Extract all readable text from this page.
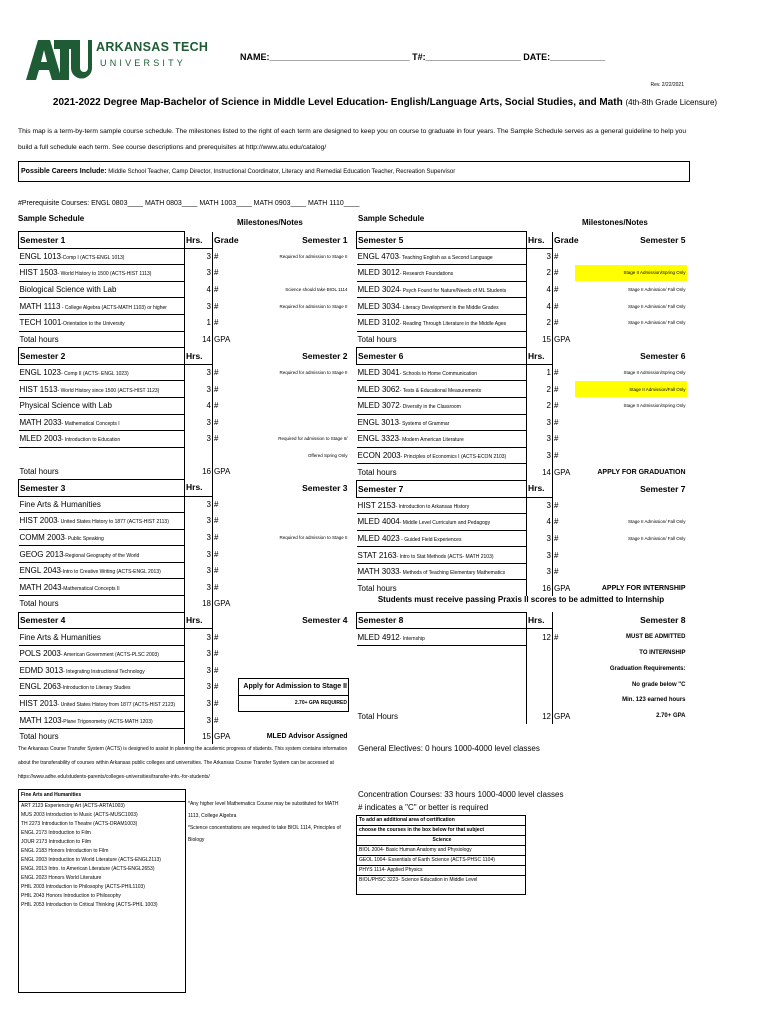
ARKANSAS TECH
UNIVERSITY
NAME:____________________________ T#:___________________ DATE:___________
Rev. 2/22/2021
2021-2022 Degree Map-Bachelor of Science in Middle Level Education- English/Language Arts, Social Studies, and Math (4th-8th Grade Licensure)
This map is a term-by-term sample course schedule. The milestones listed to the right of each term are designed to keep you on course to graduate in four years. The Sample Schedule serves as a general guideline to help you build a full schedule each term. See course descriptions and prerequisites at http://www.atu.edu/catalog/
Possible Careers Include: Middle School Teacher, Camp Director, Instructional Coordinator, Literacy and Remedial Education Teacher, Recreation Supervisor
#Prerequisite Courses: ENGL 0803____ MATH 0803____ MATH 1003____ MATH 0903____ MATH 1110____
Sample Schedule	Milestones/Notes
Semester 1	Hrs.	Grade	Semester 1
ENGL 1013-Comp I (ACTS-ENGL 1013)	3	#	Required for admission to Stage II
HIST 1503- World History to 1500 (ACTS-HIST 1113)	3	#	
Biological Science with Lab	4	#	Science should take BIOL 1114
MATH 1113 - College Algebra (ACTS-MATH 1103) or higher	3	#	Required for admission to Stage II
TECH 1001-Orientation to the University	1	#	
Total hours	14	GPA	
Semester 2	Hrs.		Semester 2
ENGL 1023- Comp II (ACTS- ENGL 1023)	3	#	Required for admission to Stage II
HIST 1513- World History since 1500 (ACTS-HIST 1123)	3	#	
Physical Science with Lab	4	#	
MATH 2033- Mathematical Concepts I	3	#	
MLED 2003- Introduction to Education	3	#	Required for admission to Stage II/
			Offered Spring Only
Total hours	16	GPA	
Semester 3	Hrs.		Semester 3
Fine Arts & Humanities	3	#	
HIST 2003- United States History to 1877 (ACTS-HIST 2113)	3	#	
COMM 2003- Public Speaking	3	#	Required for admission to Stage II
GEOG 2013-Regional Geography of the World	3	#	
ENGL 2043-Intro to Creative Writing (ACTS-ENGL 2013)	3	#	
MATH 2043-Mathematical Concepts II	3	#	
Total hours	18	GPA	
Semester 4	Hrs.		Semester 4
Fine Arts & Humanities	3	#	
POLS 2003- American Government (ACTS-PLSC 2003)	3	#	
EDMD 3013- Integrating Instructional Technology	3	#	
ENGL 2063-Introduction to Literary Studies	3	#	Apply for Admission to Stage II
HIST 2013- United States History from 1877 (ACTS-HIST 2123)	3	#	2.70+ GPA REQUIRED
MATH 1203-Plane Trigonometry (ACTS-MATH 1203)	3	#	
Total hours	15	GPA	MLED Advisor Assigned
Sample Schedule	Milestones/Notes
Semester 5	Hrs.	Grade	Semester 5
ENGL 4703- Teaching English as a Second Language	3	#	
MLED 3012- Research Foundations	2	#	Stage II Admission/Spring Only
MLED 3024- Psych Found for Nature/Needs of ML Students	4	#	Stage II Admission/ Fall Only
MLED 3034- Literacy Development in the Middle Grades	4	#	Stage II Admission/ Fall Only
MLED 3102- Reading Through Literature in the Middle Ages	2	#	Stage II Admission/ Fall Only
Total hours	15	GPA	
Semester 6	Hrs.		Semester 6
MLED 3041- Schools to Home Communication	1	#	Stage II Admission/Spring Only
MLED 3062- Tests & Educational Measurements	2	#	Stage II Admission/Fall Only
MLED 3072- Diversity in the Classroom	2	#	Stage II Admission/Spring Only
ENGL 3013- Systems of Grammar	3	#	
ENGL 3323- Modern American Literature	3	#	
ECON 2003- Principles of Economics I (ACTS-ECON 2103)	3	#	
Total hours	14	GPA	APPLY FOR GRADUATION
Semester 7	Hrs.		Semester 7
HIST 2153- Introduction to Arkansas History	3	#	
MLED 4004- Middle Level Curriculum and Pedagogy	4	#	Stage II Admission/ Fall Only
MLED 4023 - Guided Field Experiences	3	#	Stage II Admission/ Fall Only
STAT 2163- Intro to Stat Methods (ACTS- MATH 2103)	3	#	
MATH 3033- Methods of Teaching Elementary Mathematics	3	#	
Total hours	16	GPA	APPLY FOR INTERNSHIP

Semester 8	Hrs.		Semester 8
MLED 4912- Internship	12	#	MUST BE ADMITTED
			TO INTERNSHIP
			Graduation Requirements:
			No grade below "C
			Min. 123 earned hours
Total Hours	12	GPA	2.70+ GPA
Students must receive passing Praxis II scores to be admitted to Internship
The Arkansas Course Transfer System (ACTS) is designed to assist in planning the academic progress of students. This system contains information about the transferability of courses within Arkansas public colleges and universities. The Arkansas Course Transfer System can be accessed at https://www.adhe.edu/students-parents/colleges-universities/transfer-info.-for-students/
General Electives: 0 hours 1000-4000 level classes
Fine Arts and Humanities
ART 2123 Experiencing Art (ACTS-ARTA1003)
MUS 2003 Introduction to Music (ACTS-MUSC1003)
TH 2273 Introduction to Theatre (ACTS-DRAM1003)
ENGL 2173 Introduction to Film
JOUR 2173 Introduction to Film
ENGL 2183 Honors Introduction to Film
ENGL 2003 Introduction to World Literature (ACTS-ENGL2113)
ENGL 2013 Intro. to American Literature (ACTS-ENGL2653)
ENGL 2023 Honors World Literature
PHIL 2003 Introduction to Philosophy (ACTS-PHIL1103)
PHIL 2043 Honors Introduction to Philosophy
PHIL 2053 Introduction to Critical Thinking (ACTS-PHIL 1003)
*Any higher level Mathematics Course may be substituted for MATH
1113, College Algebra
*Science concentrations are required to take BIOL 1114, Principles of
Biology
Concentration Courses: 33 hours 1000-4000 level classes
# indicates a "C" or better is required
To add an additional area of certification
choose the courses in the box below for that subject
Science
BIOL 2004- Basic Human Anatomy and Physiology
GEOL 1004- Essentials of Earth Science (ACTS-PHSC 1104)
PHYS 1114- Applied Physics
BIOL/PHSC 3223- Science Education in Middle Level
